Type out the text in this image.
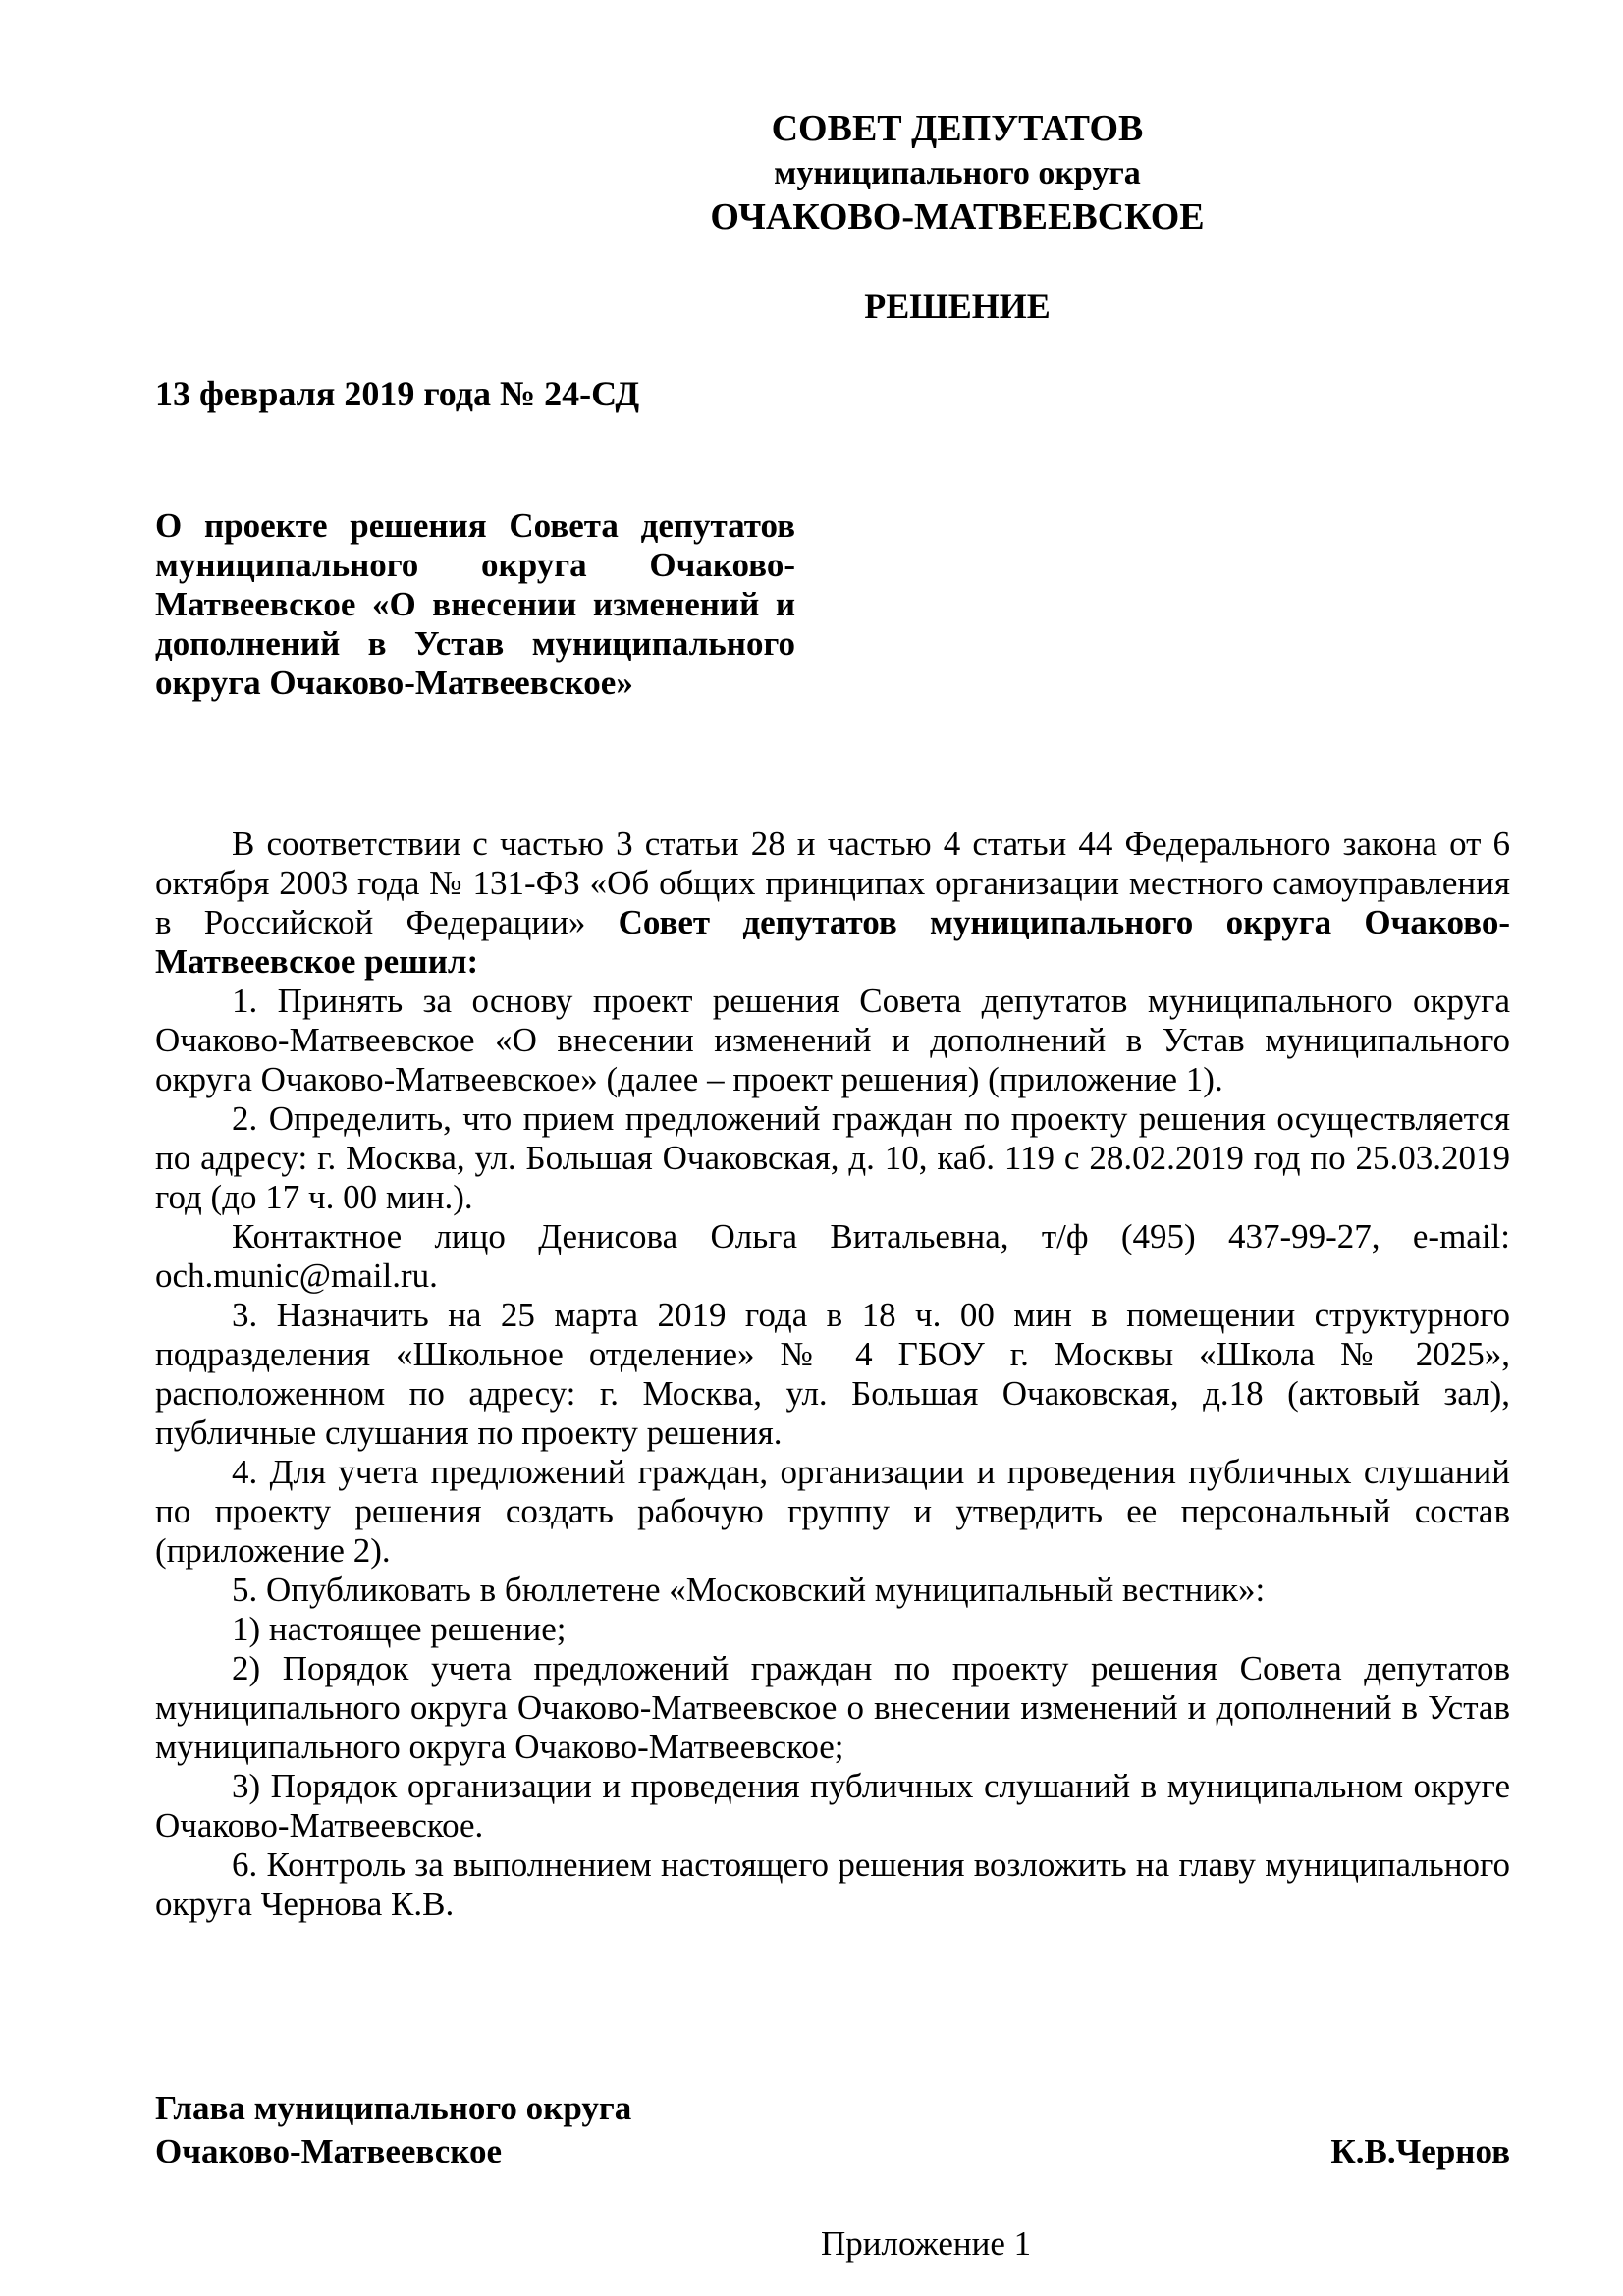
СОВЕТ ДЕПУТАТОВ
муниципального округа
ОЧАКОВО-МАТВЕЕВСКОЕ
РЕШЕНИЕ
13 февраля 2019 года № 24-СД
О проекте решения Совета депутатов муниципального округа Очаково-Матвеевское «О внесении изменений и дополнений в Устав муниципального округа Очаково-Матвеевское»

В соответствии с частью 3 статьи 28 и частью 4 статьи 44 Федерального закона от 6 октября 2003 года № 131-ФЗ «Об общих принципах организации местного самоуправления в Российской Федерации» Совет депутатов муниципального округа Очаково-Матвеевское решил:

1. Принять за основу проект решения Совета депутатов муниципального округа Очаково-Матвеевское «О внесении изменений и дополнений в Устав муниципального округа Очаково-Матвеевское» (далее – проект решения) (приложение 1).

2. Определить, что прием предложений граждан по проекту решения осуществляется по адресу: г. Москва, ул. Большая Очаковская, д. 10, каб. 119 с 28.02.2019 год по 25.03.2019 год (до 17 ч. 00 мин.).

Контактное лицо Денисова Ольга Витальевна, т/ф (495) 437-99-27, e-mail: och.munic@mail.ru.

3. Назначить на 25 марта 2019 года в 18 ч. 00 мин в помещении структурного подразделения «Школьное отделение» № 4 ГБОУ г. Москвы «Школа № 2025», расположенном по адресу: г. Москва, ул. Большая Очаковская, д.18 (актовый зал), публичные слушания по проекту решения.

4. Для учета предложений граждан, организации и проведения публичных слушаний по проекту решения создать рабочую группу и утвердить ее персональный состав (приложение 2).

5. Опубликовать в бюллетене «Московский муниципальный вестник»:

1) настоящее решение;

2) Порядок учета предложений граждан по проекту решения Совета депутатов муниципального округа Очаково-Матвеевское о внесении изменений и дополнений в Устав муниципального округа Очаково-Матвеевское;

3) Порядок организации и проведения публичных слушаний в муниципальном округе Очаково-Матвеевское.

6. Контроль за выполнением настоящего решения возложить на главу муниципального округа Чернова К.В.

Глава муниципального округа
Очаково-Матвеевское	К.В.Чернов
Приложение 1
